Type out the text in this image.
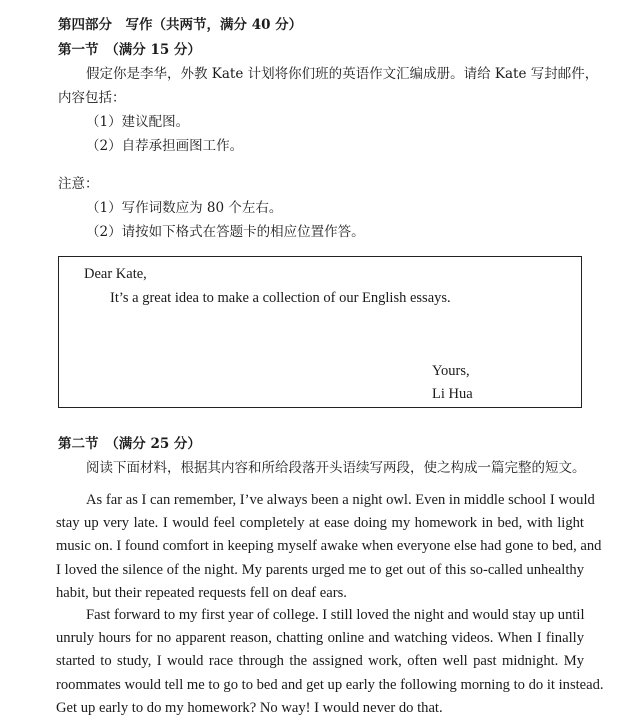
第四部分　写作（共两节，满分 40 分）
第一节　（满分 15 分）
假定你是李华，外教 Kate 计划将你们班的英语作文汇编成册。请给 Kate 写封邮件，
内容包括：
（1）建议配图。
（2）自荐承担画图工作。
注意：
（1）写作词数应为 80 个左右。
（2）请按如下格式在答题卡的相应位置作答。
Dear Kate,
It’s a great idea to make a collection of our English essays.
Yours,
Li Hua
第二节　（满分 25 分）
阅读下面材料，根据其内容和所给段落开头语续写两段，使之构成一篇完整的短文。
As far as I can remember, I’ve always been a night owl. Even in middle school I would
stay up very late. I would feel completely at ease doing my homework in bed, with light
music on. I found comfort in keeping myself awake when everyone else had gone to bed, and
I loved the silence of the night. My parents urged me to get out of this so-called unhealthy
habit, but their repeated requests fell on deaf ears.
Fast forward to my first year of college. I still loved the night and would stay up until
unruly hours for no apparent reason, chatting online and watching videos. When I finally
started to study, I would race through the assigned work, often well past midnight. My
roommates would tell me to go to bed and get up early the following morning to do it instead.
Get up early to do my homework? No way! I would never do that.
